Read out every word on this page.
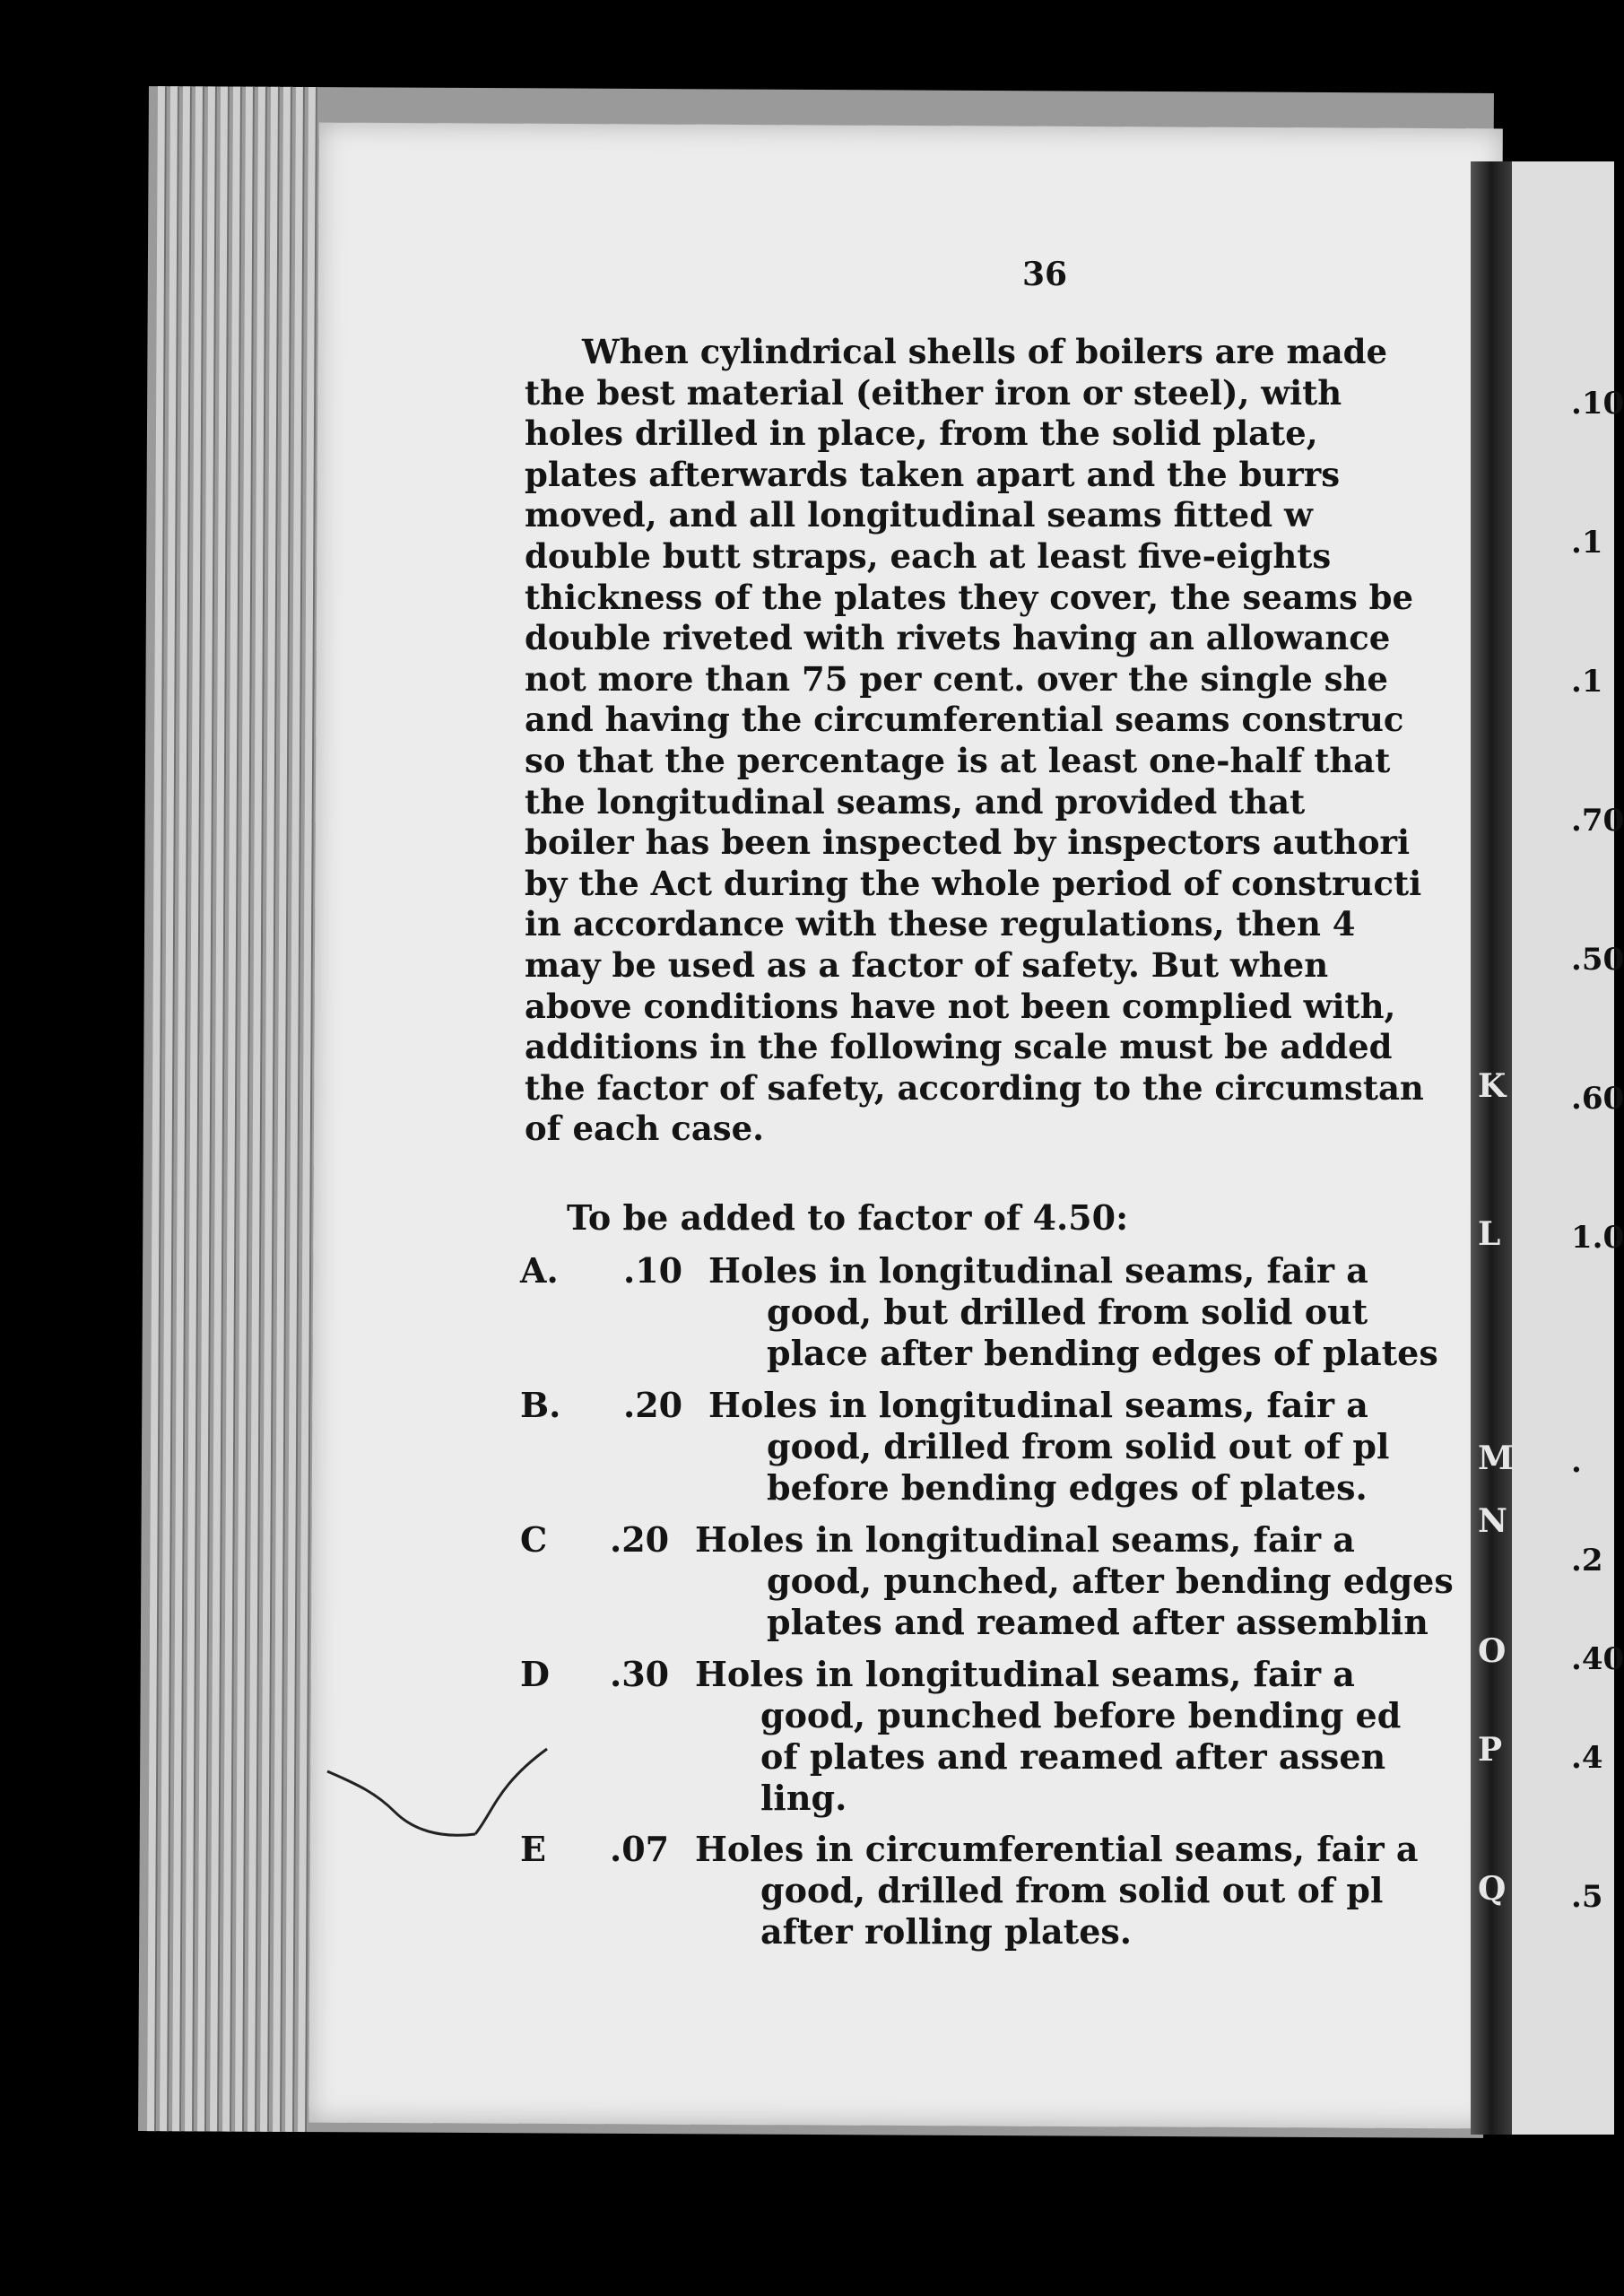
36
When cylindrical shells of boilers are made
the best material (either iron or steel), with
holes drilled in place, from the solid plate,
plates afterwards taken apart and the burrs
moved, and all longitudinal seams fitted w
double butt straps, each at least five-eights
thickness of the plates they cover, the seams be
double riveted with rivets having an allowance
not more than 75 per cent. over the single she
and having the circumferential seams construc
so that the percentage is at least one-half that
the longitudinal seams, and provided that
boiler has been inspected by inspectors authori
by the Act during the whole period of constructi
in accordance with these regulations, then 4
may be used as a factor of safety. But when
above conditions have not been complied with,
additions in the following scale must be added
the factor of safety, according to the circumstan
of each case.
To be added to factor of 4.50:
A. .10 Holes in longitudinal seams, fair a
good, but drilled from solid out
place after bending edges of plates
B. .20 Holes in longitudinal seams, fair a
good, drilled from solid out of pl
before bending edges of plates.
C .20 Holes in longitudinal seams, fair a
good, punched, after bending edges
plates and reamed after assemblin
D .30 Holes in longitudinal seams, fair a
good, punched before bending ed
of plates and reamed after assen
ling.
E .07 Holes in circumferential seams, fair a
good, drilled from solid out of pl
after rolling plates.
K
L
M
N
O
P
Q
.10
.1
.1
.70
.50
.60
1.0
.
.2
.40
.4
.5
